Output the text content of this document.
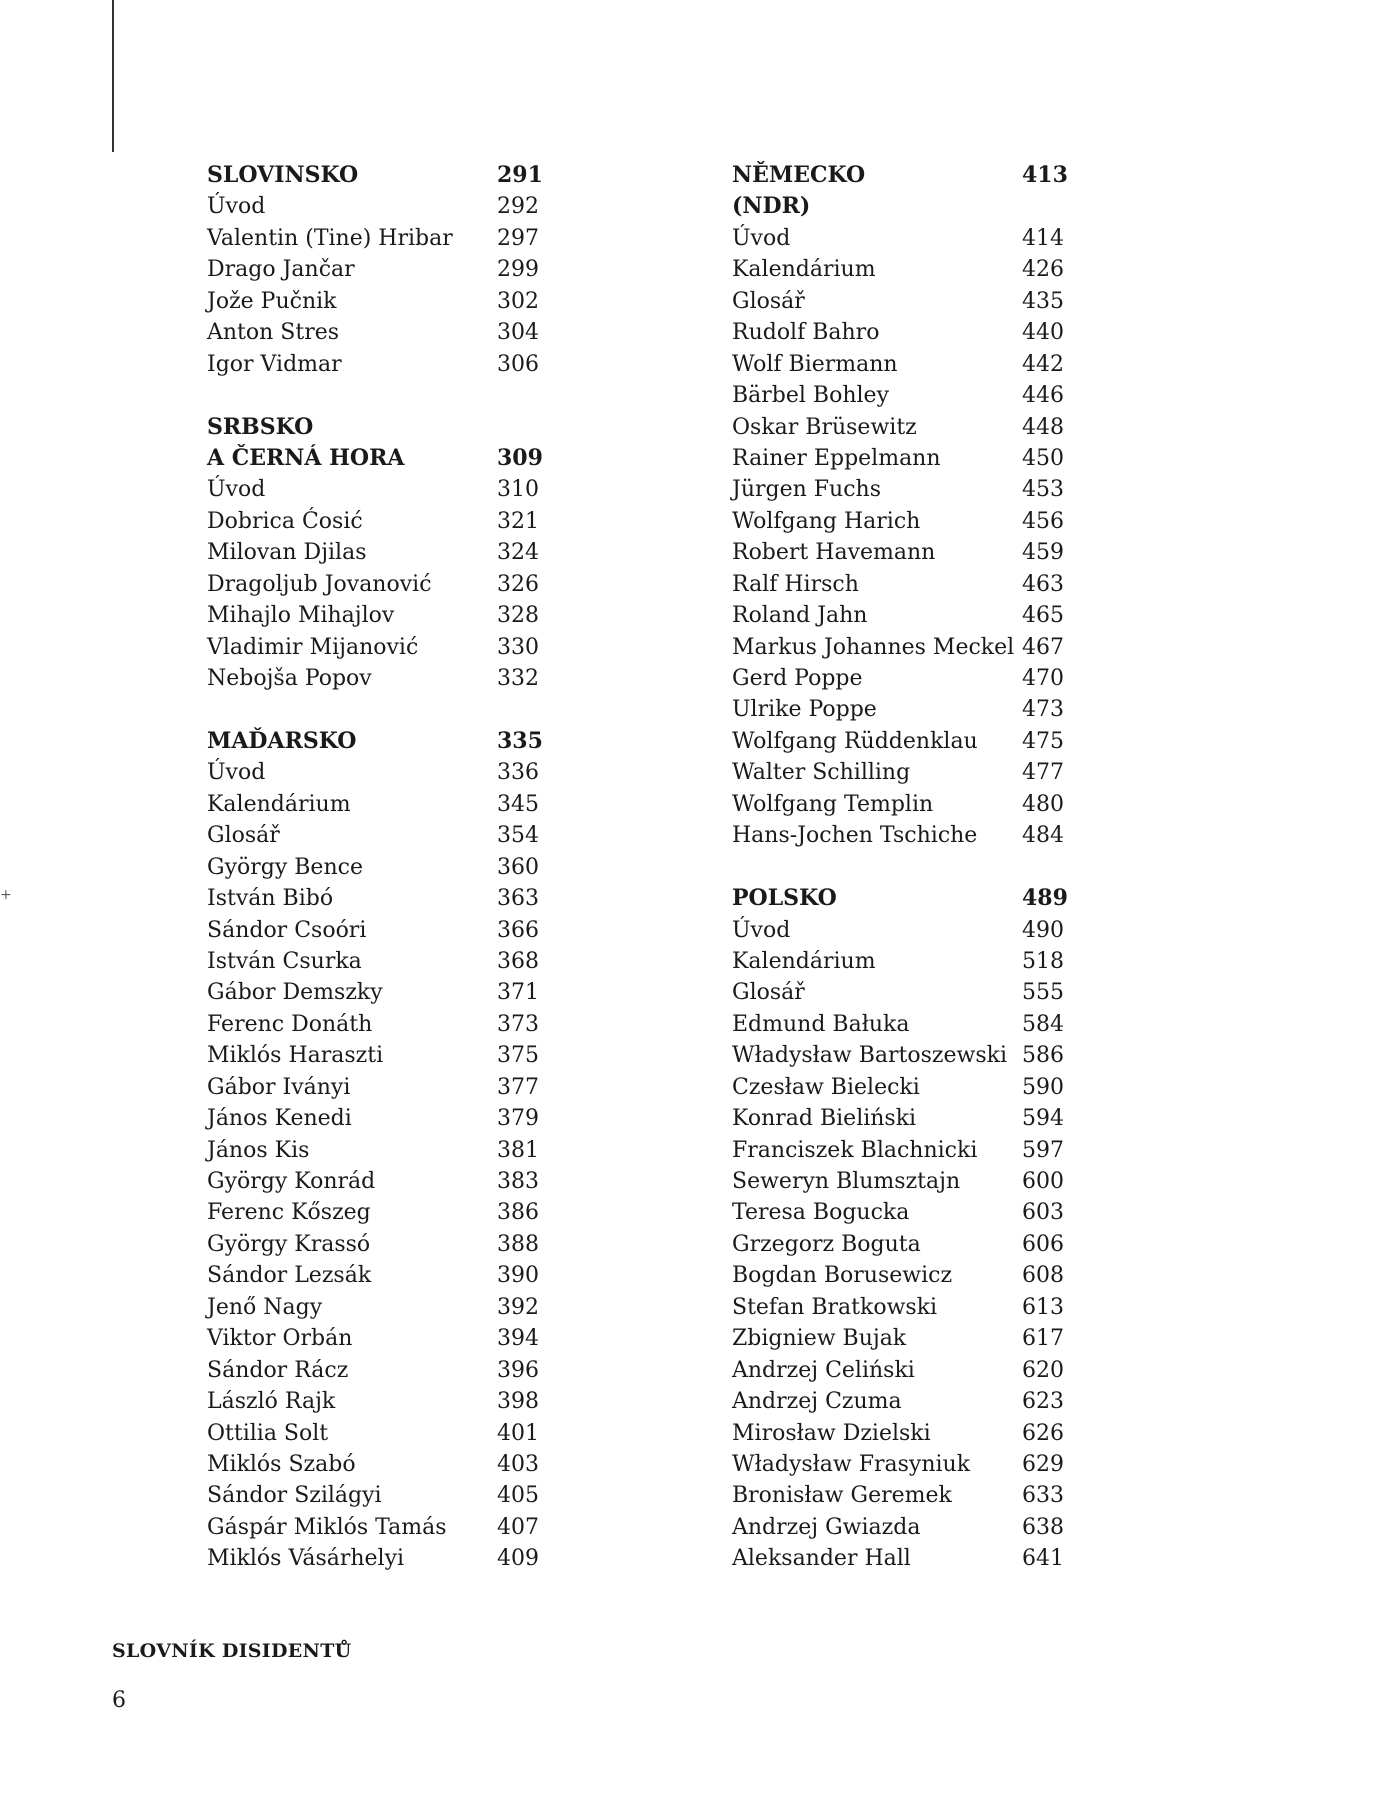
+
SLOVINSKO	291
Úvod	292
Valentin (Tine) Hribar 297
Drago Jančar	299
Jože Pučnik	302
Anton Stres	304
Igor Vidmar	306
SRBSKO
A ČERNÁ HORA	309
Úvod	310
Dobrica Ćosić	321
Milovan Djilas	324
Dragoljub Jovanović	326
Mihajlo Mihajlov	328
Vladimir Mijanović	330
Nebojša Popov	332
MAĎARSKO	335
Úvod	336
Kalendárium	345
Glosář	354
György Bence	360
István Bibó	363
Sándor Csoóri	366
István Csurka	368
Gábor Demszky	371
Ferenc Donáth	373
Miklós Haraszti	375
Gábor Iványi	377
János Kenedi	379
János Kis	381
György Konrád	383
Ferenc Kőszeg	386
György Krassó	388
Sándor Lezsák	390
Jenő Nagy	392
Viktor Orbán	394
Sándor Rácz	396
László Rajk	398
Ottilia Solt	401
Miklós Szabó	403
Sándor Szilágyi	405
Gáspár Miklós Tamás 407
Miklós Vásárhelyi	409
NĚMECKO	413
(NDR)
Úvod	414
Kalendárium	426
Glosář	435
Rudolf Bahro	440
Wolf Biermann	442
Bärbel Bohley	446
Oskar Brüsewitz	448
Rainer Eppelmann	450
Jürgen Fuchs	453
Wolfgang Harich	456
Robert Havemann	459
Ralf Hirsch	463
Roland Jahn	465
Markus Johannes Meckel 467
Gerd Poppe	470
Ulrike Poppe	473
Wolfgang Rüddenklau 475
Walter Schilling	477
Wolfgang Templin	480
Hans-Jochen Tschiche 484
POLSKO	489
Úvod	490
Kalendárium	518
Glosář	555
Edmund Bałuka	584
Władysław Bartoszewski 586
Czesław Bielecki	590
Konrad Bieliński	594
Franciszek Blachnicki 597
Seweryn Blumsztajn	600
Teresa Bogucka	603
Grzegorz Boguta	606
Bogdan Borusewicz	608
Stefan Bratkowski	613
Zbigniew Bujak	617
Andrzej Celiński	620
Andrzej Czuma	623
Mirosław Dzielski	626
Władysław Frasyniuk 629
Bronisław Geremek	633
Andrzej Gwiazda	638
Aleksander Hall	641
SLOVNÍK DISIDENTŮ
6
